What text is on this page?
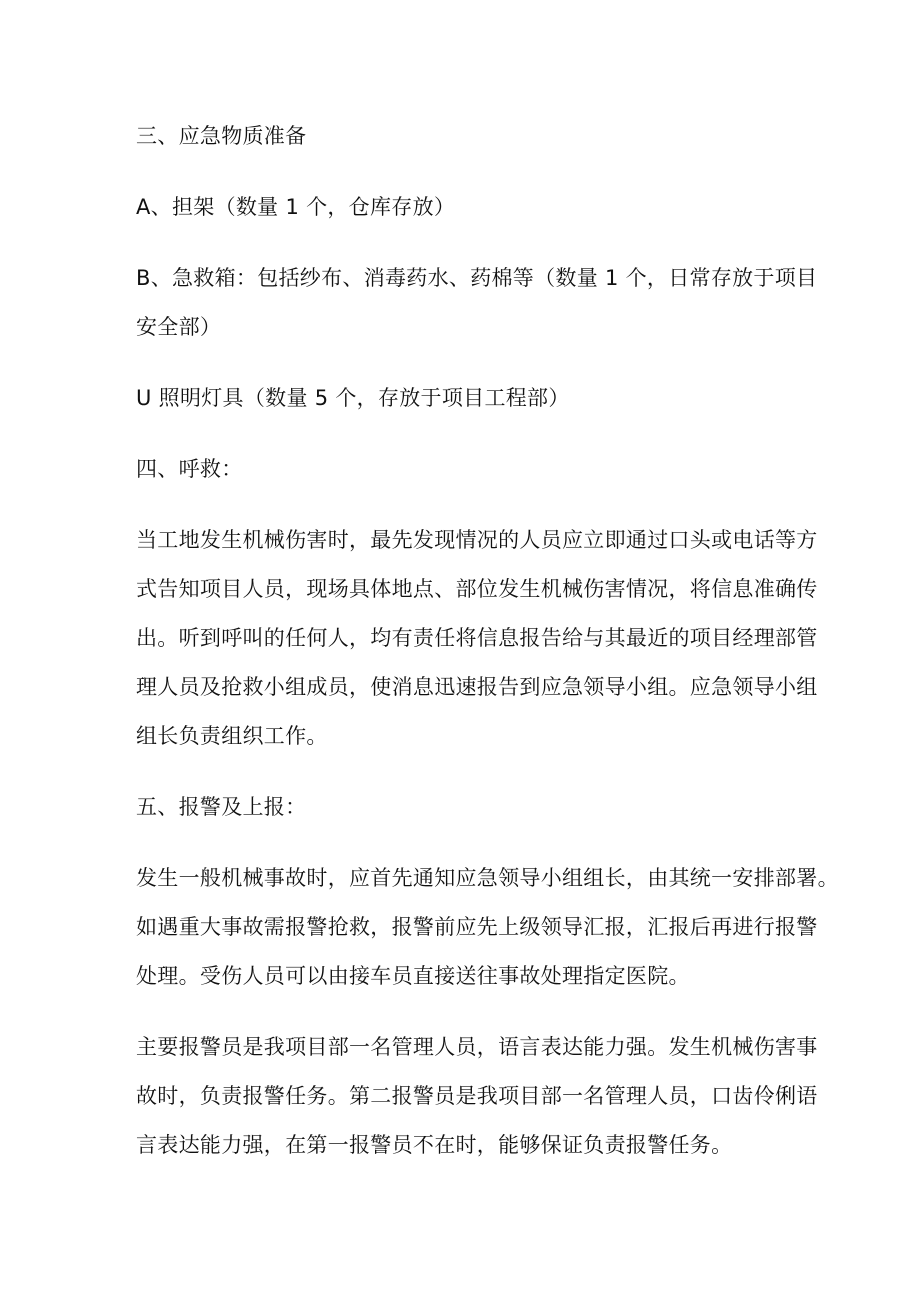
三、应急物质准备

A、担架（数量 1 个，仓库存放）

B、急救箱：包括纱布、消毒药水、药棉等（数量 1 个，日常存放于项目
安全部）

U 照明灯具（数量 5 个，存放于项目工程部）

四、呼救：

当工地发生机械伤害时，最先发现情况的人员应立即通过口头或电话等方
式告知项目人员，现场具体地点、部位发生机械伤害情况，将信息准确传
出。听到呼叫的任何人，均有责任将信息报告给与其最近的项目经理部管
理人员及抢救小组成员，使消息迅速报告到应急领导小组。应急领导小组
组长负责组织工作。

五、报警及上报：

发生一般机械事故时，应首先通知应急领导小组组长，由其统一安排部署。
如遇重大事故需报警抢救，报警前应先上级领导汇报，汇报后再进行报警
处理。受伤人员可以由接车员直接送往事故处理指定医院。

主要报警员是我项目部一名管理人员，语言表达能力强。发生机械伤害事
故时，负责报警任务。第二报警员是我项目部一名管理人员，口齿伶俐语
言表达能力强，在第一报警员不在时，能够保证负责报警任务。
